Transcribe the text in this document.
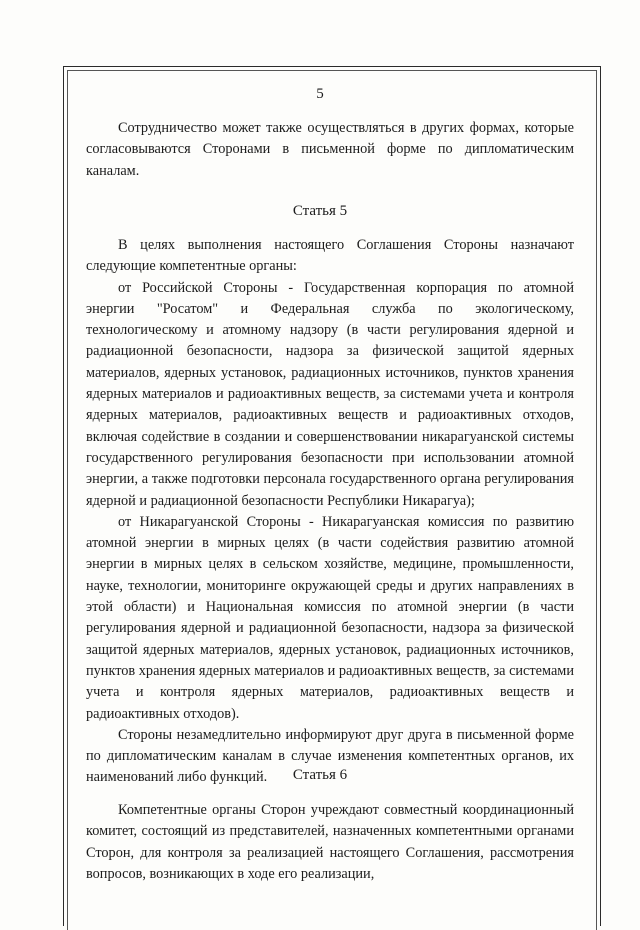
5

Сотрудничество может также осуществляться в других формах, которые согласовываются Сторонами в письменной форме по дипломатическим каналам.

Статья 5

В целях выполнения настоящего Соглашения Стороны назначают следующие компетентные органы:

от Российской Стороны - Государственная корпорация по атомной энергии "Росатом" и Федеральная служба по экологическому, технологическому и атомному надзору (в части регулирования ядерной и радиационной безопасности, надзора за физической защитой ядерных материалов, ядерных установок, радиационных источников, пунктов хранения ядерных материалов и радиоактивных веществ, за системами учета и контроля ядерных материалов, радиоактивных веществ и радиоактивных отходов, включая содействие в создании и совершенствовании никарагуанской системы государственного регулирования безопасности при использовании атомной энергии, а также подготовки персонала государственного органа регулирования ядерной и радиационной безопасности Республики Никарагуа);

от Никарагуанской Стороны - Никарагуанская комиссия по развитию атомной энергии в мирных целях (в части содействия развитию атомной энергии в мирных целях в сельском хозяйстве, медицине, промышленности, науке, технологии, мониторинге окружающей среды и других направлениях в этой области) и Национальная комиссия по атомной энергии (в части регулирования ядерной и радиационной безопасности, надзора за физической защитой ядерных материалов, ядерных установок, радиационных источников, пунктов хранения ядерных материалов и радиоактивных веществ, за системами учета и контроля ядерных материалов, радиоактивных веществ и радиоактивных отходов).

Стороны незамедлительно информируют друг друга в письменной форме по дипломатическим каналам в случае изменения компетентных органов, их наименований либо функций.	Статья 6

Компетентные органы Сторон учреждают совместный координационный комитет, состоящий из представителей, назначенных компетентными органами Сторон, для контроля за реализацией настоящего Соглашения, рассмотрения вопросов, возникающих в ходе его реализации,
